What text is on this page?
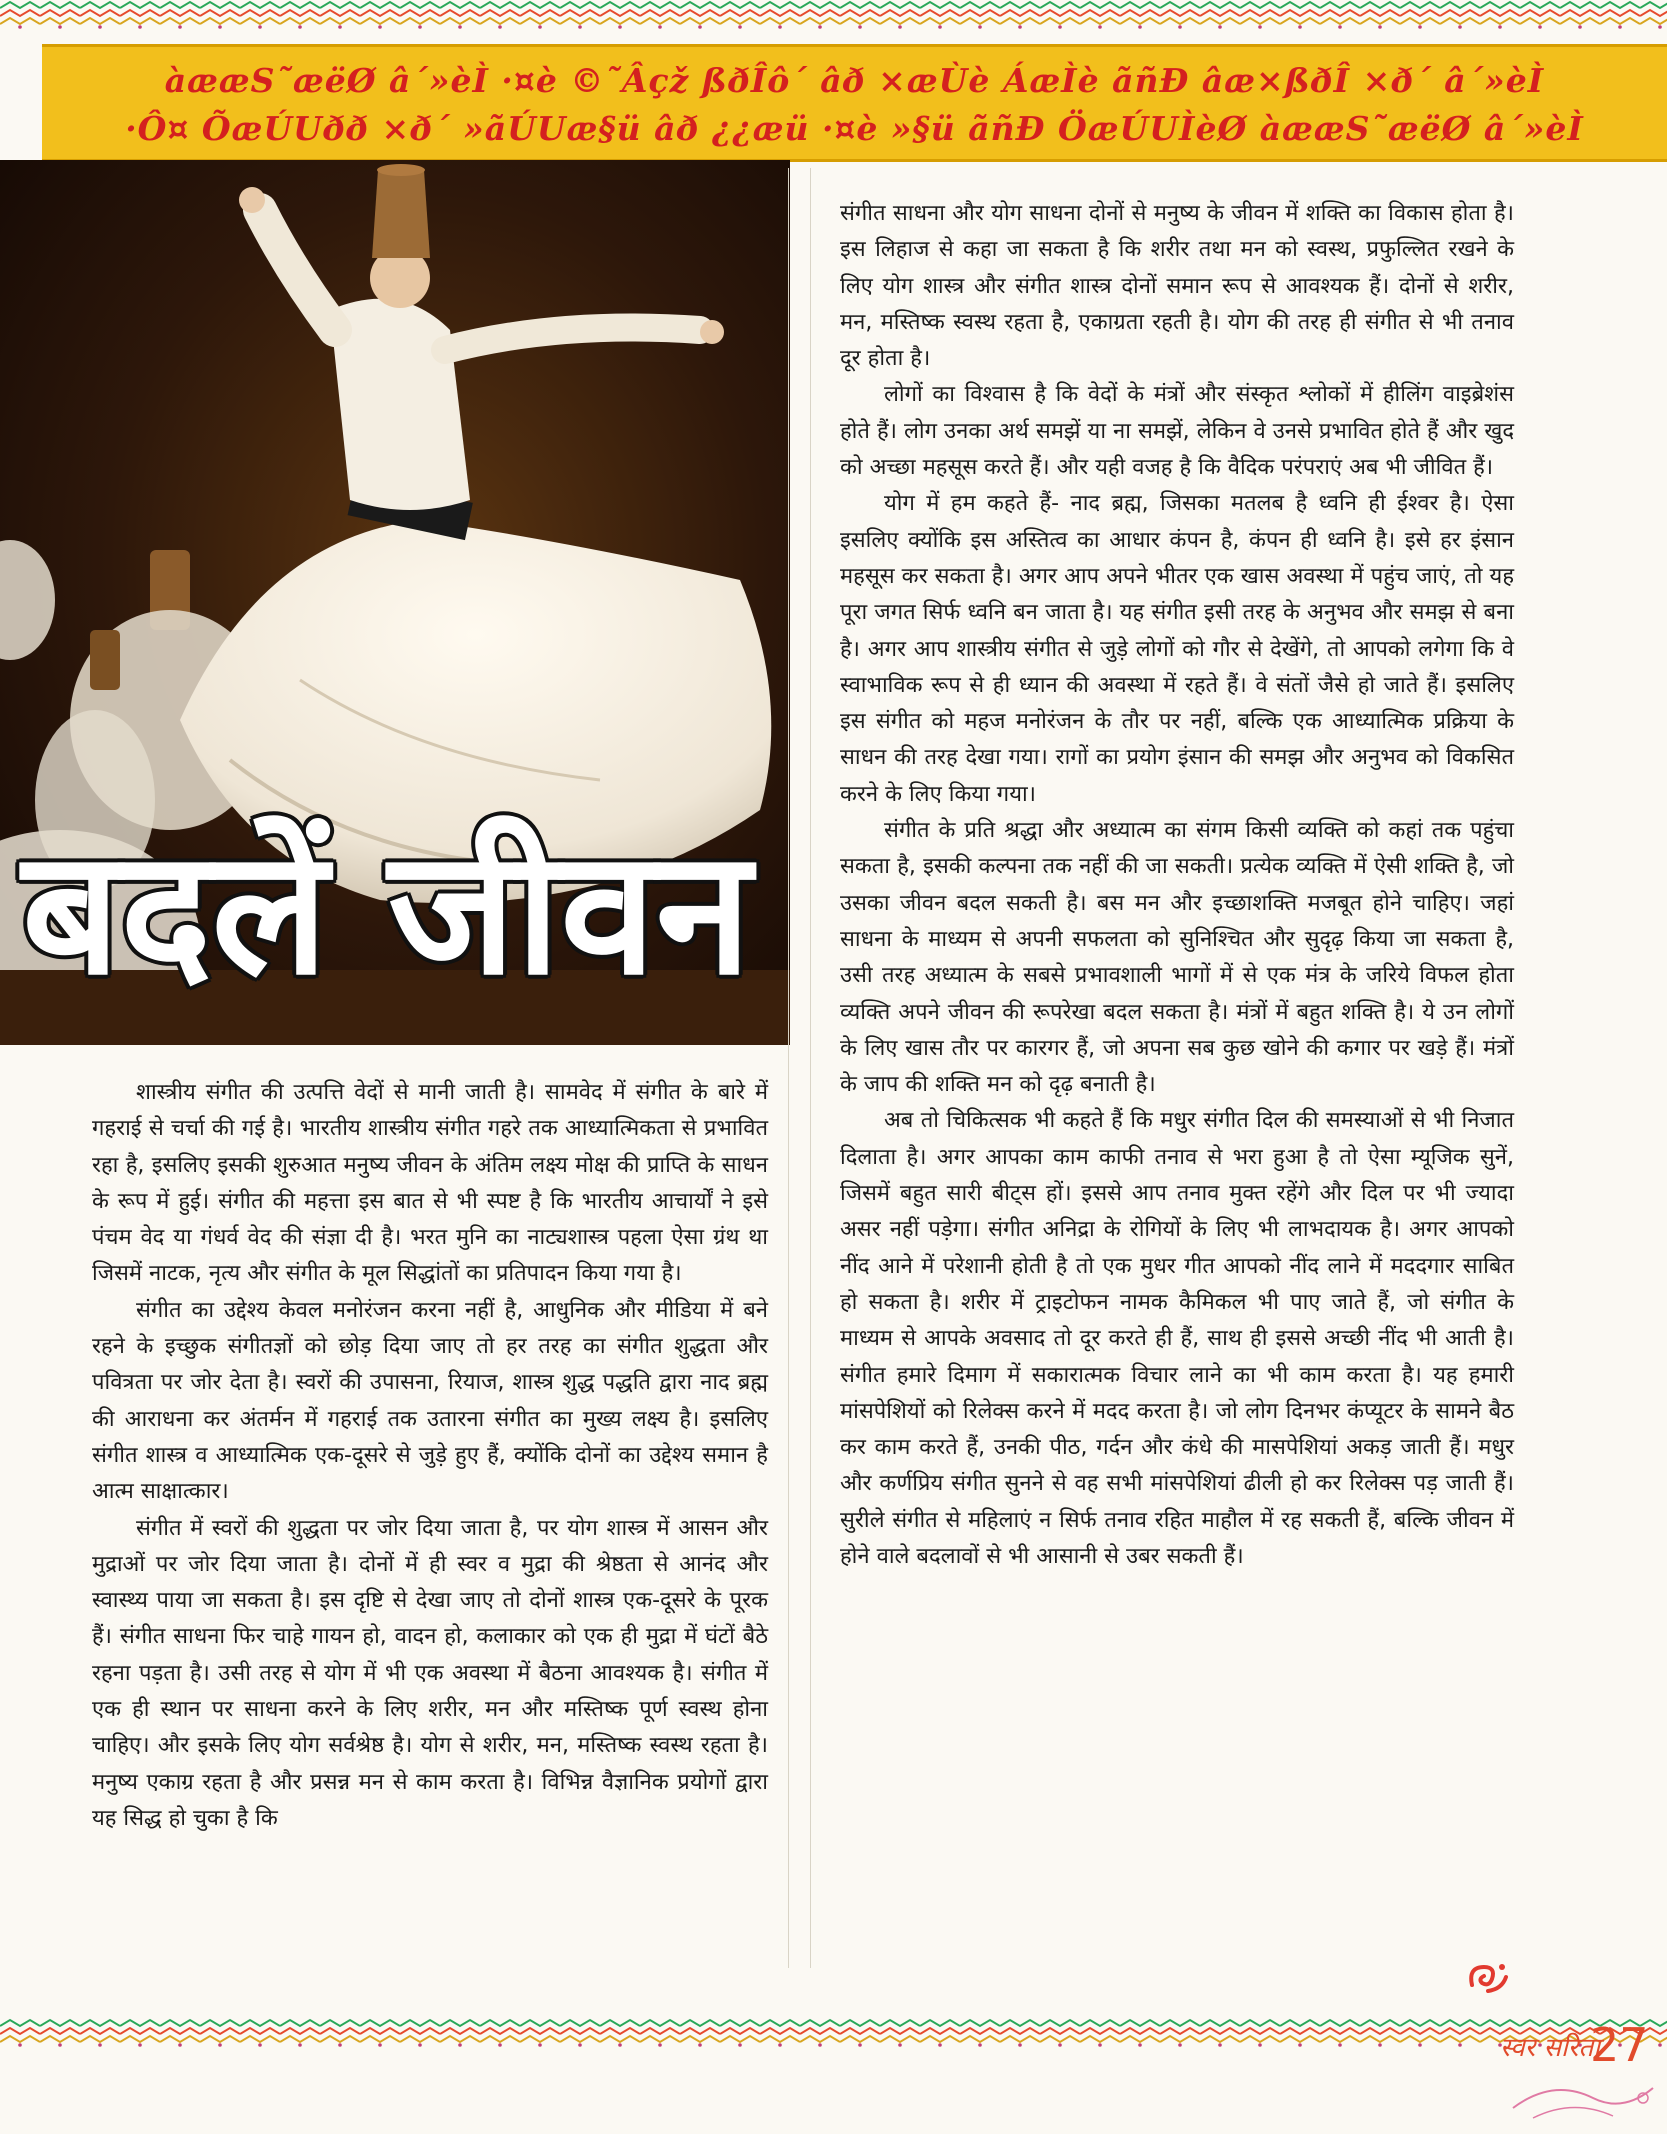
àææS˜æëØ â´»èÌ ·¤è ©˜Âçž ßðÎô´ âð ×æÙè ÁæÌè ãñÐ âæ×ßðÎ ×ð´ â´»èÌ
·Ô¤ ÕæÚUðð ×ð´ »ãÚUæ§ü âð ¿¿æü ·¤è »§ü ãñÐ ÖæÚUÌèØ àææS˜æëØ â´»èÌ
बदलें जीवन

संगीत साधना और योग साधना दोनों से मनुष्य के जीवन में शक्ति का विकास होता है। इस लिहाज से कहा जा सकता है कि शरीर तथा मन को स्वस्थ, प्रफुल्लित रखने के लिए योग शास्त्र और संगीत शास्त्र दोनों समान रूप से आवश्यक हैं। दोनों से शरीर, मन, मस्तिष्क स्वस्थ रहता है, एकाग्रता रहती है। योग की तरह ही संगीत से भी तनाव दूर होता है।

लोगों का विश्वास है कि वेदों के मंत्रों और संस्कृत श्लोकों में हीलिंग वाइब्रेशंस होते हैं। लोग उनका अर्थ समझें या ना समझें, लेकिन वे उनसे प्रभावित होते हैं और खुद को अच्छा महसूस करते हैं। और यही वजह है कि वैदिक परंपराएं अब भी जीवित हैं।

योग में हम कहते हैं- नाद ब्रह्म, जिसका मतलब है ध्वनि ही ईश्वर है। ऐसा इसलिए क्योंकि इस अस्तित्व का आधार कंपन है, कंपन ही ध्वनि है। इसे हर इंसान महसूस कर सकता है। अगर आप अपने भीतर एक खास अवस्था में पहुंच जाएं, तो यह पूरा जगत सिर्फ ध्वनि बन जाता है। यह संगीत इसी तरह के अनुभव और समझ से बना है। अगर आप शास्त्रीय संगीत से जुड़े लोगों को गौर से देखेंगे, तो आपको लगेगा कि वे स्वाभाविक रूप से ही ध्यान की अवस्था में रहते हैं। वे संतों जैसे हो जाते हैं। इसलिए इस संगीत को महज मनोरंजन के तौर पर नहीं, बल्कि एक आध्यात्मिक प्रक्रिया के साधन की तरह देखा गया। रागों का प्रयोग इंसान की समझ और अनुभव को विकसित करने के लिए किया गया।

संगीत के प्रति श्रद्धा और अध्यात्म का संगम किसी व्यक्ति को कहां तक पहुंचा सकता है, इसकी कल्पना तक नहीं की जा सकती। प्रत्येक व्यक्ति में ऐसी शक्ति है, जो उसका जीवन बदल सकती है। बस मन और इच्छाशक्ति मजबूत होने चाहिए। जहां साधना के माध्यम से अपनी सफलता को सुनिश्चित और सुदृढ़ किया जा सकता है, उसी तरह अध्यात्म के सबसे प्रभावशाली भागों में से एक मंत्र के जरिये विफल होता व्यक्ति अपने जीवन की रूपरेखा बदल सकता है। मंत्रों में बहुत शक्ति है। ये उन लोगों के लिए खास तौर पर कारगर हैं, जो अपना सब कुछ खोने की कगार पर खड़े हैं। मंत्रों के जाप की शक्ति मन को दृढ़ बनाती है।

अब तो चिकित्सक भी कहते हैं कि मधुर संगीत दिल की समस्याओं से भी निजात दिलाता है। अगर आपका काम काफी तनाव से भरा हुआ है तो ऐसा म्यूजिक सुनें, जिसमें बहुत सारी बीट्स हों। इससे आप तनाव मुक्त रहेंगे और दिल पर भी ज्यादा असर नहीं पड़ेगा। संगीत अनिद्रा के रोगियों के लिए भी लाभदायक है। अगर आपको नींद आने में परेशानी होती है तो एक मुधर गीत आपको नींद लाने में मददगार साबित हो सकता है। शरीर में ट्राइटोफन नामक कैमिकल भी पाए जाते हैं, जो संगीत के माध्यम से आपके अवसाद तो दूर करते ही हैं, साथ ही इससे अच्छी नींद भी आती है। संगीत हमारे दिमाग में सकारात्मक विचार लाने का भी काम करता है। यह हमारी मांसपेशियों को रिलेक्स करने में मदद करता है। जो लोग दिनभर कंप्यूटर के सामने बैठ कर काम करते हैं, उनकी पीठ, गर्दन और कंधे की मासपेशियां अकड़ जाती हैं। मधुर और कर्णप्रिय संगीत सुनने से वह सभी मांसपेशियां ढीली हो कर रिलेक्स पड़ जाती हैं। सुरीले संगीत से महिलाएं न सिर्फ तनाव रहित माहौल में रह सकती हैं, बल्कि जीवन में होने वाले बदलावों से भी आसानी से उबर सकती हैं।

शास्त्रीय संगीत की उत्पत्ति वेदों से मानी जाती है। सामवेद में संगीत के बारे में गहराई से चर्चा की गई है। भारतीय शास्त्रीय संगीत गहरे तक आध्यात्मिकता से प्रभावित रहा है, इसलिए इसकी शुरुआत मनुष्य जीवन के अंतिम लक्ष्य मोक्ष की प्राप्ति के साधन के रूप में हुई। संगीत की महत्ता इस बात से भी स्पष्ट है कि भारतीय आचार्यों ने इसे पंचम वेद या गंधर्व वेद की संज्ञा दी है। भरत मुनि का नाट्यशास्त्र पहला ऐसा ग्रंथ था जिसमें नाटक, नृत्य और संगीत के मूल सिद्धांतों का प्रतिपादन किया गया है।

संगीत का उद्देश्य केवल मनोरंजन करना नहीं है, आधुनिक और मीडिया में बने रहने के इच्छुक संगीतज्ञों को छोड़ दिया जाए तो हर तरह का संगीत शुद्धता और पवित्रता पर जोर देता है। स्वरों की उपासना, रियाज, शास्त्र शुद्ध पद्धति द्वारा नाद ब्रह्म की आराधना कर अंतर्मन में गहराई तक उतारना संगीत का मुख्य लक्ष्य है। इसलिए संगीत शास्त्र व आध्यात्मिक एक-दूसरे से जुड़े हुए हैं, क्योंकि दोनों का उद्देश्य समान है आत्म साक्षात्कार।

संगीत में स्वरों की शुद्धता पर जोर दिया जाता है, पर योग शास्त्र में आसन और मुद्राओं पर जोर दिया जाता है। दोनों में ही स्वर व मुद्रा की श्रेष्ठता से आनंद और स्वास्थ्य पाया जा सकता है। इस दृष्टि से देखा जाए तो दोनों शास्त्र एक-दूसरे के पूरक हैं। संगीत साधना फिर चाहे गायन हो, वादन हो, कलाकार को एक ही मुद्रा में घंटों बैठे रहना पड़ता है। उसी तरह से योग में भी एक अवस्था में बैठना आवश्यक है। संगीत में एक ही स्थान पर साधना करने के लिए शरीर, मन और मस्तिष्क पूर्ण स्वस्थ होना चाहिए। और इसके लिए योग सर्वश्रेष्ठ है। योग से शरीर, मन, मस्तिष्क स्वस्थ रहता है। मनुष्य एकाग्र रहता है और प्रसन्न मन से काम करता है। विभिन्न वैज्ञानिक प्रयोगों द्वारा यह सिद्ध हो चुका है कि

स्वर सरिता
27
